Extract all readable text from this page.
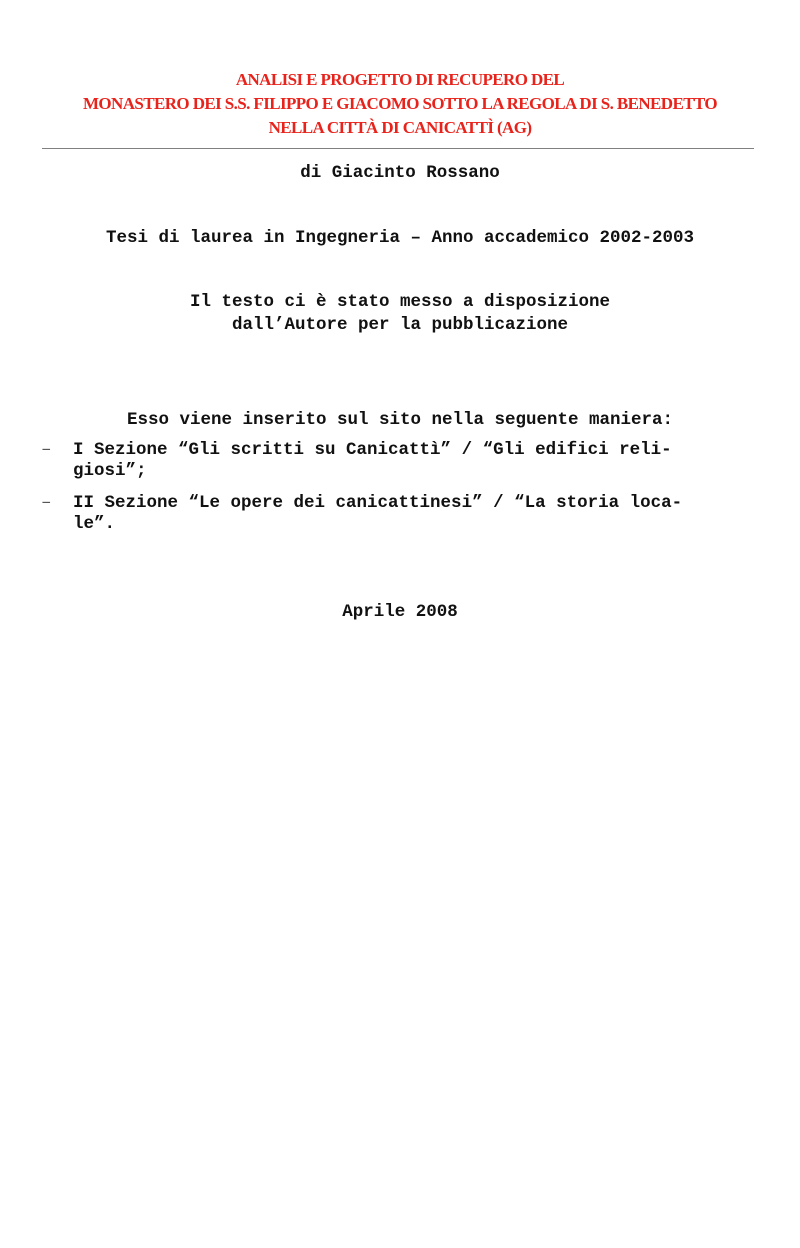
ANALISI E PROGETTO DI RECUPERO DEL
MONASTERO DEI S.S. FILIPPO E GIACOMO SOTTO LA REGOLA DI S. BENEDETTO
NELLA CITTÀ DI CANICATTÌ (AG)
di Giacinto Rossano
Tesi di laurea in Ingegneria – Anno accademico 2002-2003
Il testo ci è stato messo a disposizione
dall’Autore per la pubblicazione
Esso viene inserito sul sito nella seguente maniera:
– I Sezione “Gli scritti su Canicattì” / “Gli edifici reli-
giosi”;
– II Sezione “Le opere dei canicattinesi” / “La storia loca-
le”.
Aprile 2008
